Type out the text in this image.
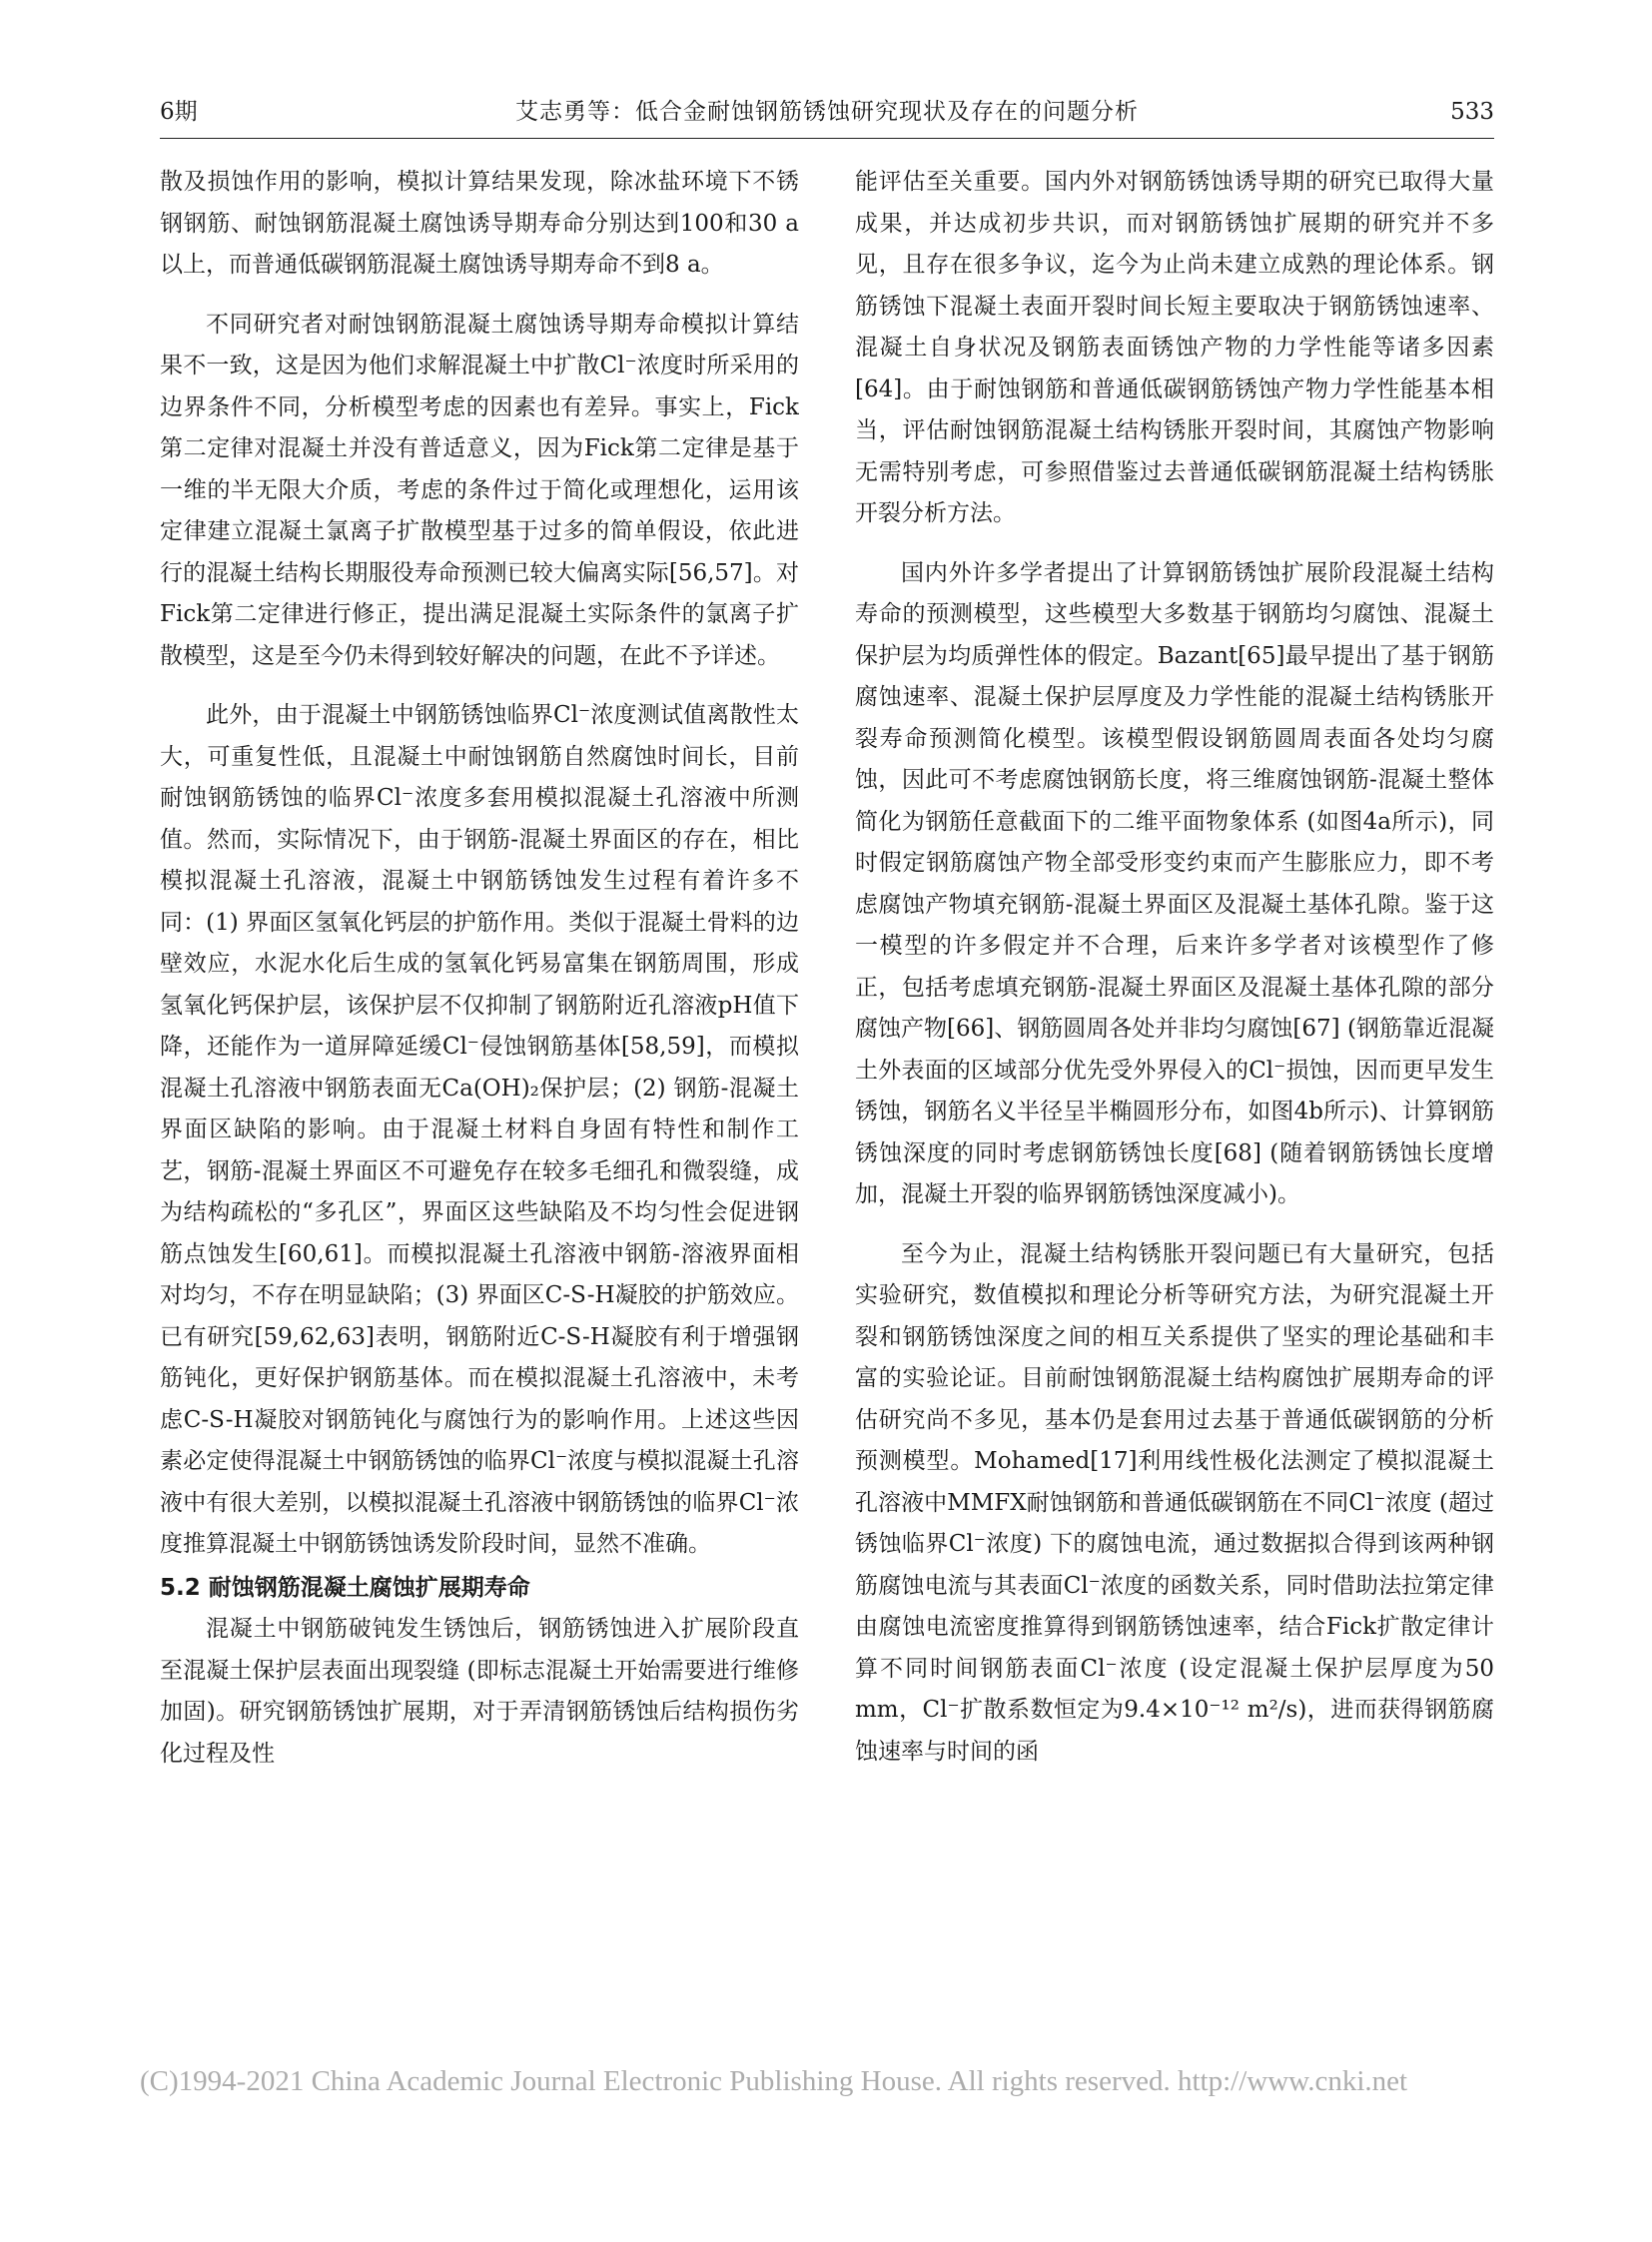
6期	艾志勇等：低合金耐蚀钢筋锈蚀研究现状及存在的问题分析	533

散及损蚀作用的影响，模拟计算结果发现，除冰盐环境下不锈钢钢筋、耐蚀钢筋混凝土腐蚀诱导期寿命分别达到100和30 a以上，而普通低碳钢筋混凝土腐蚀诱导期寿命不到8 a。

不同研究者对耐蚀钢筋混凝土腐蚀诱导期寿命模拟计算结果不一致，这是因为他们求解混凝土中扩散Cl⁻浓度时所采用的边界条件不同，分析模型考虑的因素也有差异。事实上，Fick第二定律对混凝土并没有普适意义，因为Fick第二定律是基于一维的半无限大介质，考虑的条件过于简化或理想化，运用该定律建立混凝土氯离子扩散模型基于过多的简单假设，依此进行的混凝土结构长期服役寿命预测已较大偏离实际[56,57]。对Fick第二定律进行修正，提出满足混凝土实际条件的氯离子扩散模型，这是至今仍未得到较好解决的问题，在此不予详述。

此外，由于混凝土中钢筋锈蚀临界Cl⁻浓度测试值离散性太大，可重复性低，且混凝土中耐蚀钢筋自然腐蚀时间长，目前耐蚀钢筋锈蚀的临界Cl⁻浓度多套用模拟混凝土孔溶液中所测值。然而，实际情况下，由于钢筋-混凝土界面区的存在，相比模拟混凝土孔溶液，混凝土中钢筋锈蚀发生过程有着许多不同：(1) 界面区氢氧化钙层的护筋作用。类似于混凝土骨料的边壁效应，水泥水化后生成的氢氧化钙易富集在钢筋周围，形成氢氧化钙保护层，该保护层不仅抑制了钢筋附近孔溶液pH值下降，还能作为一道屏障延缓Cl⁻侵蚀钢筋基体[58,59]，而模拟混凝土孔溶液中钢筋表面无Ca(OH)₂保护层；(2) 钢筋-混凝土界面区缺陷的影响。由于混凝土材料自身固有特性和制作工艺，钢筋-混凝土界面区不可避免存在较多毛细孔和微裂缝，成为结构疏松的“多孔区”，界面区这些缺陷及不均匀性会促进钢筋点蚀发生[60,61]。而模拟混凝土孔溶液中钢筋-溶液界面相对均匀，不存在明显缺陷；(3) 界面区C-S-H凝胶的护筋效应。已有研究[59,62,63]表明，钢筋附近C-S-H凝胶有利于增强钢筋钝化，更好保护钢筋基体。而在模拟混凝土孔溶液中，未考虑C-S-H凝胶对钢筋钝化与腐蚀行为的影响作用。上述这些因素必定使得混凝土中钢筋锈蚀的临界Cl⁻浓度与模拟混凝土孔溶液中有很大差别，以模拟混凝土孔溶液中钢筋锈蚀的临界Cl⁻浓度推算混凝土中钢筋锈蚀诱发阶段时间，显然不准确。

5.2 耐蚀钢筋混凝土腐蚀扩展期寿命

混凝土中钢筋破钝发生锈蚀后，钢筋锈蚀进入扩展阶段直至混凝土保护层表面出现裂缝 (即标志混凝土开始需要进行维修加固)。研究钢筋锈蚀扩展期，对于弄清钢筋锈蚀后结构损伤劣化过程及性

能评估至关重要。国内外对钢筋锈蚀诱导期的研究已取得大量成果，并达成初步共识，而对钢筋锈蚀扩展期的研究并不多见，且存在很多争议，迄今为止尚未建立成熟的理论体系。钢筋锈蚀下混凝土表面开裂时间长短主要取决于钢筋锈蚀速率、混凝土自身状况及钢筋表面锈蚀产物的力学性能等诸多因素[64]。由于耐蚀钢筋和普通低碳钢筋锈蚀产物力学性能基本相当，评估耐蚀钢筋混凝土结构锈胀开裂时间，其腐蚀产物影响无需特别考虑，可参照借鉴过去普通低碳钢筋混凝土结构锈胀开裂分析方法。

国内外许多学者提出了计算钢筋锈蚀扩展阶段混凝土结构寿命的预测模型，这些模型大多数基于钢筋均匀腐蚀、混凝土保护层为均质弹性体的假定。Bazant[65]最早提出了基于钢筋腐蚀速率、混凝土保护层厚度及力学性能的混凝土结构锈胀开裂寿命预测简化模型。该模型假设钢筋圆周表面各处均匀腐蚀，因此可不考虑腐蚀钢筋长度，将三维腐蚀钢筋-混凝土整体简化为钢筋任意截面下的二维平面物象体系 (如图4a所示)，同时假定钢筋腐蚀产物全部受形变约束而产生膨胀应力，即不考虑腐蚀产物填充钢筋-混凝土界面区及混凝土基体孔隙。鉴于这一模型的许多假定并不合理，后来许多学者对该模型作了修正，包括考虑填充钢筋-混凝土界面区及混凝土基体孔隙的部分腐蚀产物[66]、钢筋圆周各处并非均匀腐蚀[67] (钢筋靠近混凝土外表面的区域部分优先受外界侵入的Cl⁻损蚀，因而更早发生锈蚀，钢筋名义半径呈半椭圆形分布，如图4b所示)、计算钢筋锈蚀深度的同时考虑钢筋锈蚀长度[68] (随着钢筋锈蚀长度增加，混凝土开裂的临界钢筋锈蚀深度减小)。

至今为止，混凝土结构锈胀开裂问题已有大量研究，包括实验研究，数值模拟和理论分析等研究方法，为研究混凝土开裂和钢筋锈蚀深度之间的相互关系提供了坚实的理论基础和丰富的实验论证。目前耐蚀钢筋混凝土结构腐蚀扩展期寿命的评估研究尚不多见，基本仍是套用过去基于普通低碳钢筋的分析预测模型。Mohamed[17]利用线性极化法测定了模拟混凝土孔溶液中MMFX耐蚀钢筋和普通低碳钢筋在不同Cl⁻浓度 (超过锈蚀临界Cl⁻浓度) 下的腐蚀电流，通过数据拟合得到该两种钢筋腐蚀电流与其表面Cl⁻浓度的函数关系，同时借助法拉第定律由腐蚀电流密度推算得到钢筋锈蚀速率，结合Fick扩散定律计算不同时间钢筋表面Cl⁻浓度 (设定混凝土保护层厚度为50 mm，Cl⁻扩散系数恒定为9.4×10⁻¹² m²/s)，进而获得钢筋腐蚀速率与时间的函

(C)1994-2021 China Academic Journal Electronic Publishing House. All rights reserved. http://www.cnki.net
